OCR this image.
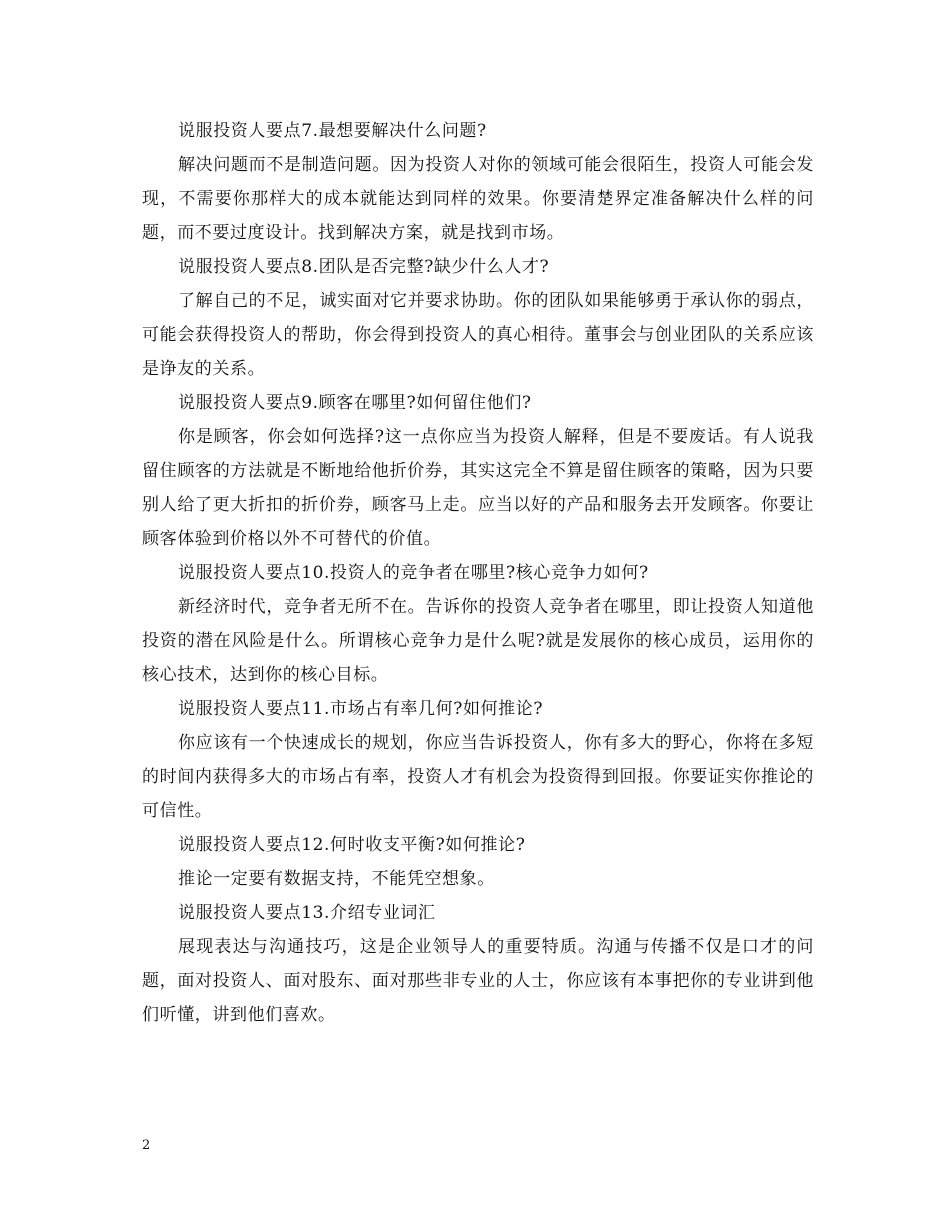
说服投资人要点7.最想要解决什么问题?

解决问题而不是制造问题。因为投资人对你的领域可能会很陌生，投资人可能会发现，不需要你那样大的成本就能达到同样的效果。你要清楚界定准备解决什么样的问题，而不要过度设计。找到解决方案，就是找到市场。

说服投资人要点8.团队是否完整?缺少什么人才?

了解自己的不足，诚实面对它并要求协助。你的团队如果能够勇于承认你的弱点，可能会获得投资人的帮助，你会得到投资人的真心相待。董事会与创业团队的关系应该是诤友的关系。

说服投资人要点9.顾客在哪里?如何留住他们?

你是顾客，你会如何选择?这一点你应当为投资人解释，但是不要废话。有人说我留住顾客的方法就是不断地给他折价券，其实这完全不算是留住顾客的策略，因为只要别人给了更大折扣的折价券，顾客马上走。应当以好的产品和服务去开发顾客。你要让顾客体验到价格以外不可替代的价值。

说服投资人要点10.投资人的竞争者在哪里?核心竞争力如何?

新经济时代，竞争者无所不在。告诉你的投资人竞争者在哪里，即让投资人知道他投资的潜在风险是什么。所谓核心竞争力是什么呢?就是发展你的核心成员，运用你的核心技术，达到你的核心目标。

说服投资人要点11.市场占有率几何?如何推论?

你应该有一个快速成长的规划，你应当告诉投资人，你有多大的野心，你将在多短的时间内获得多大的市场占有率，投资人才有机会为投资得到回报。你要证实你推论的可信性。

说服投资人要点12.何时收支平衡?如何推论?

推论一定要有数据支持，不能凭空想象。

说服投资人要点13.介绍专业词汇

展现表达与沟通技巧，这是企业领导人的重要特质。沟通与传播不仅是口才的问题，面对投资人、面对股东、面对那些非专业的人士，你应该有本事把你的专业讲到他们听懂，讲到他们喜欢。

2
